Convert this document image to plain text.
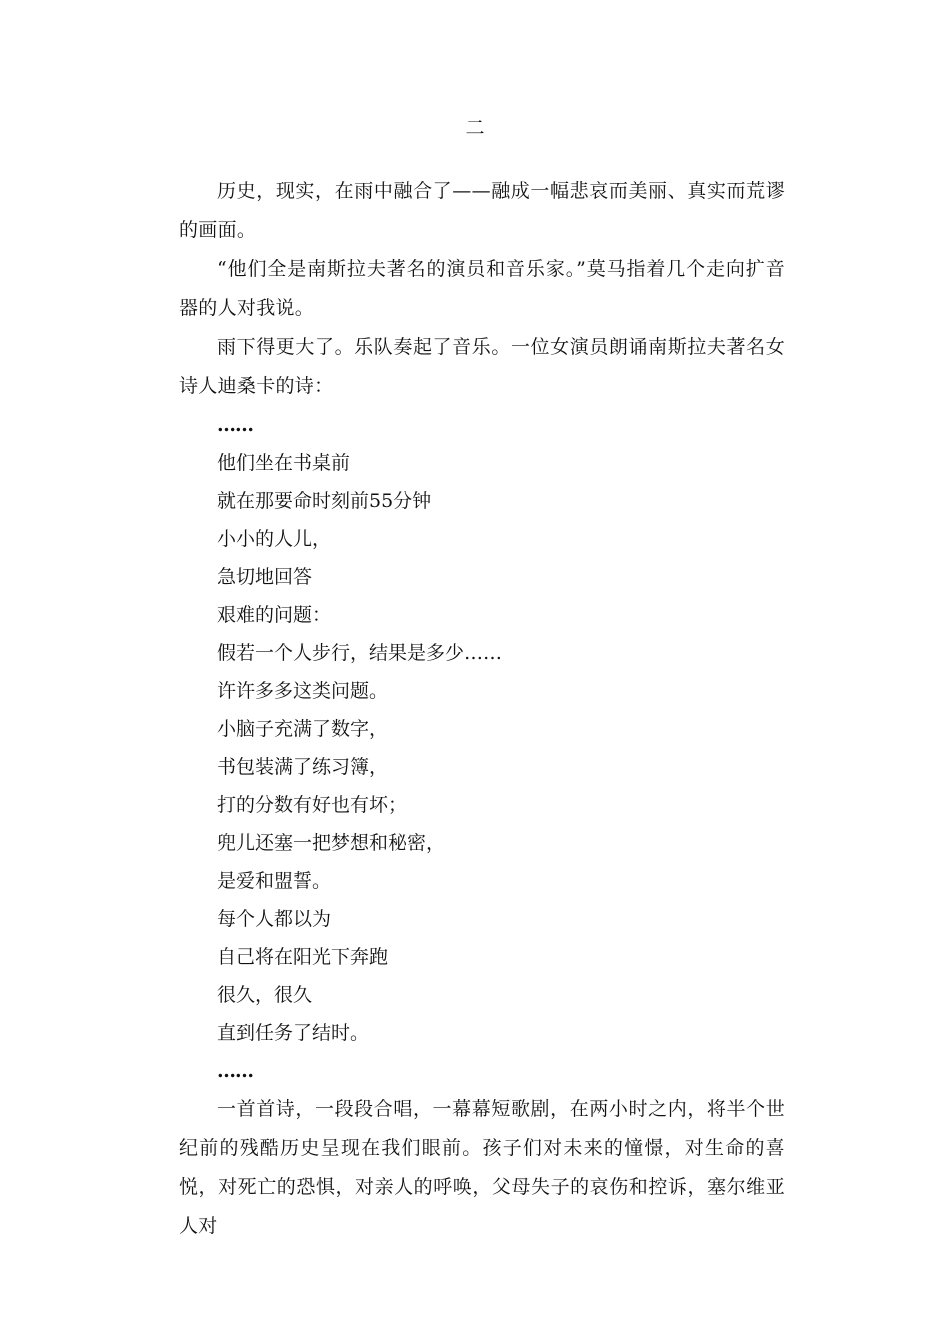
二

历史，现实，在雨中融合了——融成一幅悲哀而美丽、真实而荒谬的画面。

“他们全是南斯拉夫著名的演员和音乐家。”莫马指着几个走向扩音器的人对我说。

雨下得更大了。乐队奏起了音乐。一位女演员朗诵南斯拉夫著名女诗人迪桑卡的诗：

……

他们坐在书桌前

就在那要命时刻前55分钟

小小的人儿，

急切地回答

艰难的问题：

假若一个人步行，结果是多少……

许许多多这类问题。

小脑子充满了数字，

书包装满了练习簿，

打的分数有好也有坏；

兜儿还塞一把梦想和秘密，

是爱和盟誓。

每个人都以为

自己将在阳光下奔跑

很久，很久

直到任务了结时。

……

一首首诗，一段段合唱，一幕幕短歌剧，在两小时之内，将半个世纪前的残酷历史呈现在我们眼前。孩子们对未来的憧憬，对生命的喜悦，对死亡的恐惧，对亲人的呼唤，父母失子的哀伤和控诉，塞尔维亚人对
